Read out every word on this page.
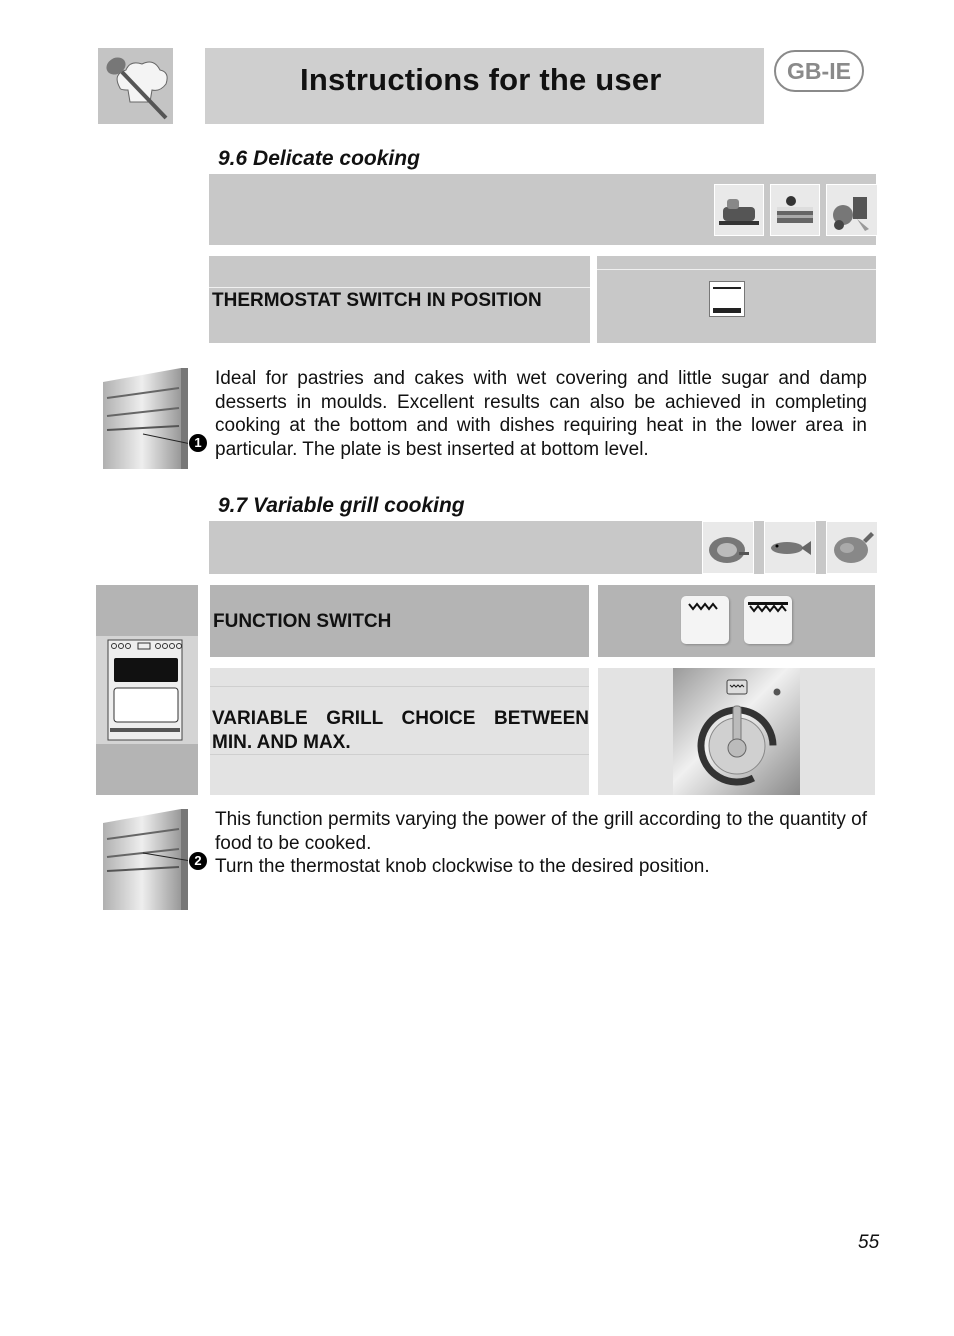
Instructions for the user	GB-IE
9.6 Delicate cooking
THERMOSTAT SWITCH IN POSITION
1
Ideal for pastries and cakes with wet covering and little sugar and damp desserts in moulds. Excellent results can also be achieved in completing cooking at the bottom and with dishes requiring heat in the lower area in particular. The plate is best inserted at bottom level.
9.7 Variable grill cooking
FUNCTION SWITCH
VARIABLE GRILL CHOICE BETWEEN MIN. AND MAX.
2
This function permits varying the power of the grill according to the quantity of food to be cooked.
Turn the thermostat knob clockwise to the desired position.
55
